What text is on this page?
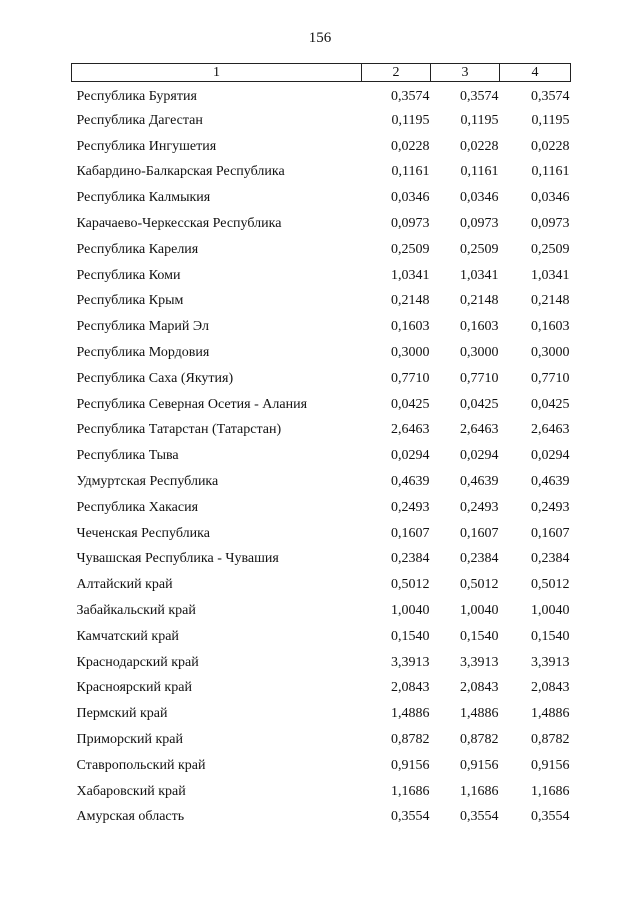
156
1	2	3	4
Республика Бурятия	0,3574	0,3574	0,3574
Республика Дагестан	0,1195	0,1195	0,1195
Республика Ингушетия	0,0228	0,0228	0,0228
Кабардино-Балкарская Республика	0,1161	0,1161	0,1161
Республика Калмыкия	0,0346	0,0346	0,0346
Карачаево-Черкесская Республика	0,0973	0,0973	0,0973
Республика Карелия	0,2509	0,2509	0,2509
Республика Коми	1,0341	1,0341	1,0341
Республика Крым	0,2148	0,2148	0,2148
Республика Марий Эл	0,1603	0,1603	0,1603
Республика Мордовия	0,3000	0,3000	0,3000
Республика Саха (Якутия)	0,7710	0,7710	0,7710
Республика Северная Осетия - Алания	0,0425	0,0425	0,0425
Республика Татарстан (Татарстан)	2,6463	2,6463	2,6463
Республика Тыва	0,0294	0,0294	0,0294
Удмуртская Республика	0,4639	0,4639	0,4639
Республика Хакасия	0,2493	0,2493	0,2493
Чеченская Республика	0,1607	0,1607	0,1607
Чувашская Республика - Чувашия	0,2384	0,2384	0,2384
Алтайский край	0,5012	0,5012	0,5012
Забайкальский край	1,0040	1,0040	1,0040
Камчатский край	0,1540	0,1540	0,1540
Краснодарский край	3,3913	3,3913	3,3913
Красноярский край	2,0843	2,0843	2,0843
Пермский край	1,4886	1,4886	1,4886
Приморский край	0,8782	0,8782	0,8782
Ставропольский край	0,9156	0,9156	0,9156
Хабаровский край	1,1686	1,1686	1,1686
Амурская область	0,3554	0,3554	0,3554
